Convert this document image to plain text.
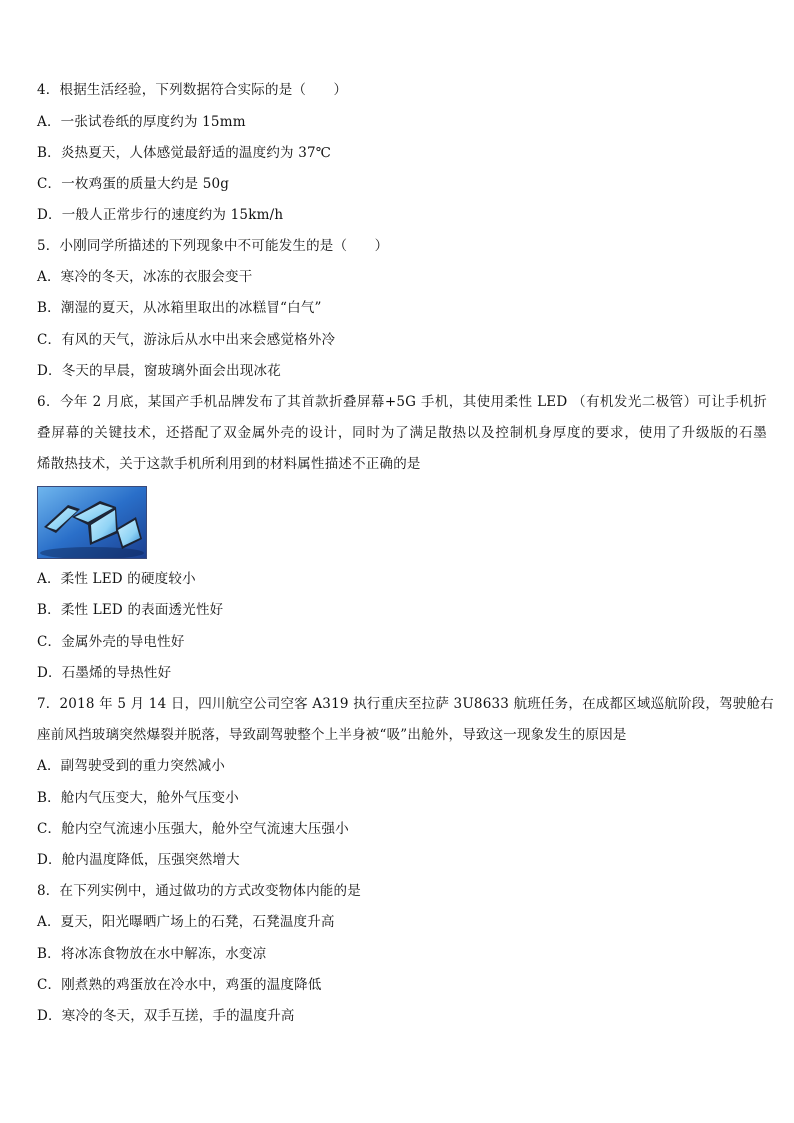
4．根据生活经验，下列数据符合实际的是（　　）
A．一张试卷纸的厚度约为 15mm
B．炎热夏天，人体感觉最舒适的温度约为 37℃
C．一枚鸡蛋的质量大约是 50g
D．一般人正常步行的速度约为 15km/h
5．小刚同学所描述的下列现象中不可能发生的是（　　）
A．寒冷的冬天，冰冻的衣服会变干
B．潮湿的夏天，从冰箱里取出的冰糕冒“白气”
C．有风的天气，游泳后从水中出来会感觉格外冷
D．冬天的早晨，窗玻璃外面会出现冰花
6．今年 2 月底，某国产手机品牌发布了其首款折叠屏幕+5G 手机，其使用柔性 LED （有机发光二极管）可让手机折
叠屏幕的关键技术，还搭配了双金属外壳的设计，同时为了满足散热以及控制机身厚度的要求，使用了升级版的石墨
烯散热技术，关于这款手机所利用到的材料属性描述不正确的是
A．柔性 LED 的硬度较小
B．柔性 LED 的表面透光性好
C．金属外壳的导电性好
D．石墨烯的导热性好
7．2018 年 5 月 14 日，四川航空公司空客 A319 执行重庆至拉萨 3U8633 航班任务，在成都区域巡航阶段，驾驶舱右
座前风挡玻璃突然爆裂并脱落，导致副驾驶整个上半身被“吸”出舱外，导致这一现象发生的原因是
A．副驾驶受到的重力突然减小
B．舱内气压变大，舱外气压变小
C．舱内空气流速小压强大，舱外空气流速大压强小
D．舱内温度降低，压强突然增大
8．在下列实例中，通过做功的方式改变物体内能的是
A．夏天，阳光曝晒广场上的石凳，石凳温度升高
B．将冰冻食物放在水中解冻，水变凉
C．刚煮熟的鸡蛋放在冷水中，鸡蛋的温度降低
D．寒冷的冬天，双手互搓，手的温度升高
